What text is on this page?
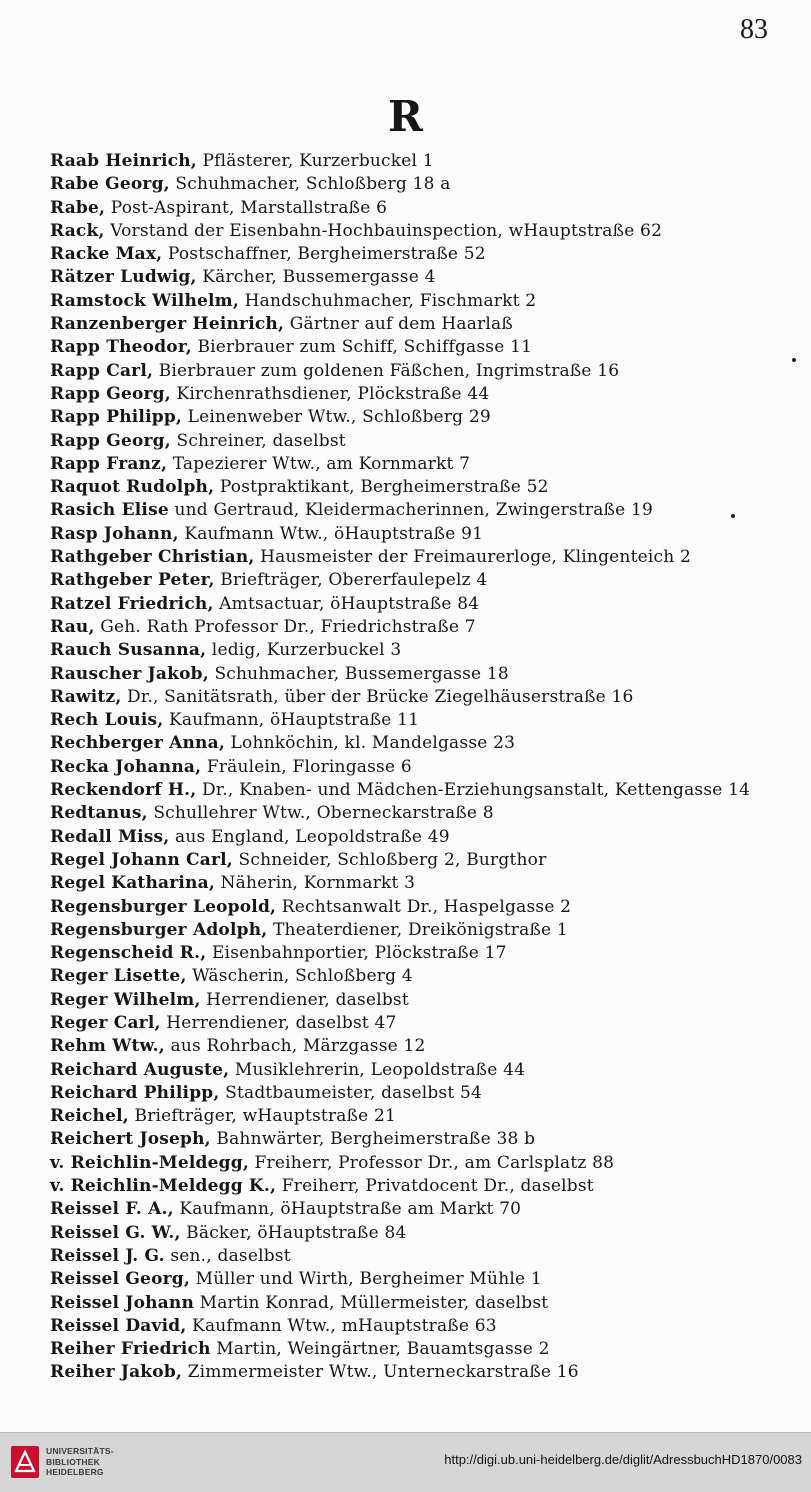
83
R
Raab Heinrich, Pflästerer, Kurzerbuckel 1
Rabe Georg, Schuhmacher, Schloßberg 18 a
Rabe, Post-Aspirant, Marstallstraße 6
Rack, Vorstand der Eisenbahn-Hochbauinspection, wHauptstraße 62
Racke Max, Postschaffner, Bergheimerstraße 52
Rätzer Ludwig, Kärcher, Bussemergasse 4
Ramstock Wilhelm, Handschuhmacher, Fischmarkt 2
Ranzenberger Heinrich, Gärtner auf dem Haarlaß
Rapp Theodor, Bierbrauer zum Schiff, Schiffgasse 11
Rapp Carl, Bierbrauer zum goldenen Fäßchen, Ingrimstraße 16
Rapp Georg, Kirchenrathsdiener, Plöckstraße 44
Rapp Philipp, Leinenweber Wtw., Schloßberg 29
Rapp Georg, Schreiner, daselbst
Rapp Franz, Tapezierer Wtw., am Kornmarkt 7
Raquot Rudolph, Postpraktikant, Bergheimerstraße 52
Rasich Elise und Gertraud, Kleidermacherinnen, Zwingerstraße 19
Rasp Johann, Kaufmann Wtw., öHauptstraße 91
Rathgeber Christian, Hausmeister der Freimaurerloge, Klingenteich 2
Rathgeber Peter, Briefträger, Obererfaulepelz 4
Ratzel Friedrich, Amtsactuar, öHauptstraße 84
Rau, Geh. Rath Professor Dr., Friedrichstraße 7
Rauch Susanna, ledig, Kurzerbuckel 3
Rauscher Jakob, Schuhmacher, Bussemergasse 18
Rawitz, Dr., Sanitätsrath, über der Brücke Ziegelhäuserstraße 16
Rech Louis, Kaufmann, öHauptstraße 11
Rechberger Anna, Lohnköchin, kl. Mandelgasse 23
Recka Johanna, Fräulein, Floringasse 6
Reckendorf H., Dr., Knaben- und Mädchen-Erziehungsanstalt, Kettengasse 14
Redtanus, Schullehrer Wtw., Oberneckarstraße 8
Redall Miss, aus England, Leopoldstraße 49
Regel Johann Carl, Schneider, Schloßberg 2, Burgthor
Regel Katharina, Näherin, Kornmarkt 3
Regensburger Leopold, Rechtsanwalt Dr., Haspelgasse 2
Regensburger Adolph, Theaterdiener, Dreikönigstraße 1
Regenscheid R., Eisenbahnportier, Plöckstraße 17
Reger Lisette, Wäscherin, Schloßberg 4
Reger Wilhelm, Herrendiener, daselbst
Reger Carl, Herrendiener, daselbst 47
Rehm Wtw., aus Rohrbach, Märzgasse 12
Reichard Auguste, Musiklehrerin, Leopoldstraße 44
Reichard Philipp, Stadtbaumeister, daselbst 54
Reichel, Briefträger, wHauptstraße 21
Reichert Joseph, Bahnwärter, Bergheimerstraße 38 b
v. Reichlin-Meldegg, Freiherr, Professor Dr., am Carlsplatz 88
v. Reichlin-Meldegg K., Freiherr, Privatdocent Dr., daselbst
Reissel F. A., Kaufmann, öHauptstraße am Markt 70
Reissel G. W., Bäcker, öHauptstraße 84
Reissel J. G. sen., daselbst
Reissel Georg, Müller und Wirth, Bergheimer Mühle 1
Reissel Johann Martin Konrad, Müllermeister, daselbst
Reissel David, Kaufmann Wtw., mHauptstraße 63
Reiher Friedrich Martin, Weingärtner, Bauamtsgasse 2
Reiher Jakob, Zimmermeister Wtw., Unterneckarstraße 16
UNIVERSITÄTS-
BIBLIOTHEK
HEIDELBERG
http://digi.ub.uni-heidelberg.de/diglit/AdressbuchHD1870/0083
